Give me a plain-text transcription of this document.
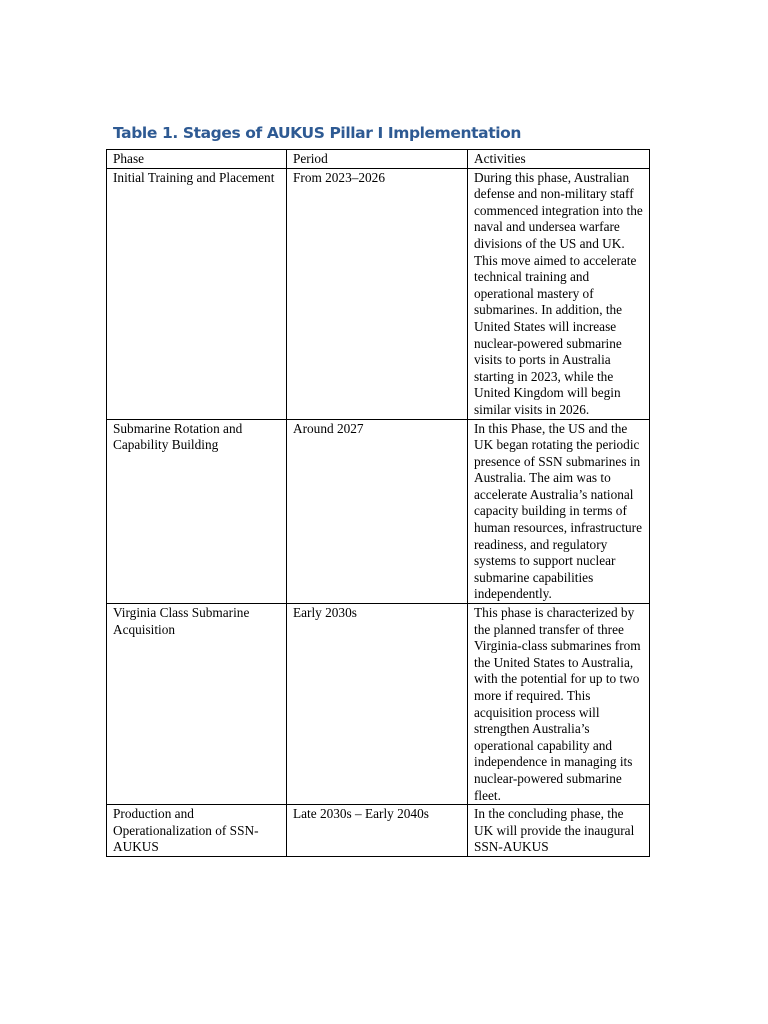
Table 1. Stages of AUKUS Pillar I Implementation
Phase	Period	Activities
Initial Training and Placement	From 2023–2026	During this phase, Australian defense and non-military staff commenced integration into the naval and undersea warfare divisions of the US and UK. This move aimed to accelerate technical training and operational mastery of submarines. In addition, the United States will increase nuclear-powered submarine visits to ports in Australia starting in 2023, while the United Kingdom will begin similar visits in 2026.
Submarine Rotation and Capability Building	Around 2027	In this Phase, the US and the UK began rotating the periodic presence of SSN submarines in Australia. The aim was to accelerate Australia’s national capacity building in terms of human resources, infrastructure readiness, and regulatory systems to support nuclear submarine capabilities independently.
Virginia Class Submarine Acquisition	Early 2030s	This phase is characterized by the planned transfer of three Virginia-class submarines from the United States to Australia, with the potential for up to two more if required. This acquisition process will strengthen Australia’s operational capability and independence in managing its nuclear-powered submarine fleet.
Production and Operationalization of SSN-AUKUS	Late 2030s – Early 2040s	In the concluding phase, the UK will provide the inaugural SSN-AUKUS
